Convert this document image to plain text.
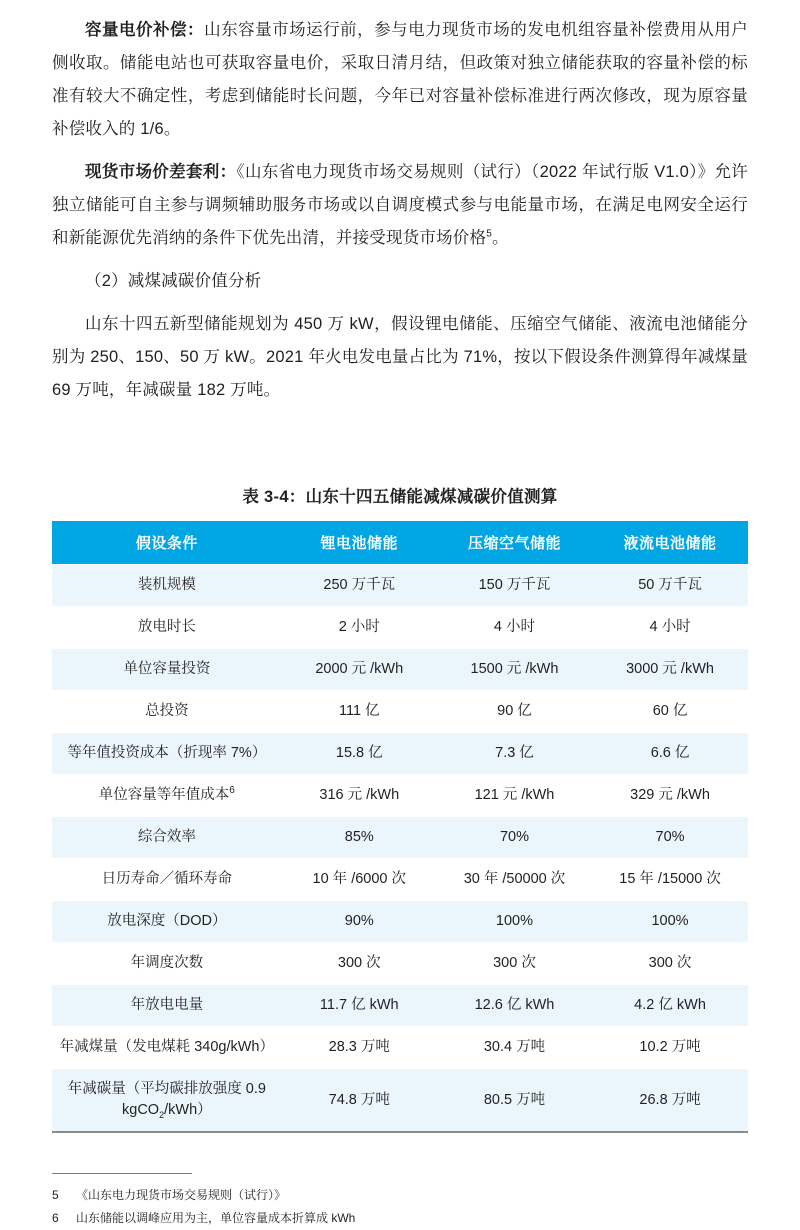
容量电价补偿：山东容量市场运行前，参与电力现货市场的发电机组容量补偿费用从用户侧收取。储能电站也可获取容量电价，采取日清月结，但政策对独立储能获取的容量补偿的标准有较大不确定性，考虑到储能时长问题，今年已对容量补偿标准进行两次修改，现为原容量补偿收入的 1/6。

现货市场价差套利：《山东省电力现货市场交易规则（试行）（2022 年试行版 V1.0）》允许独立储能可自主参与调频辅助服务市场或以自调度模式参与电能量市场，在满足电网安全运行和新能源优先消纳的条件下优先出清，并接受现货市场价格$^5$。

（2）减煤减碳价值分析

山东十四五新型储能规划为 450 万 kW，假设锂电储能、压缩空气储能、液流电池储能分别为 250、150、50 万 kW。2021 年火电发电量占比为 71%，按以下假设条件测算得年减煤量 69 万吨，年减碳量 182 万吨。

表 3-4：山东十四五储能减煤减碳价值测算
假设条件	锂电池储能	压缩空气储能	液流电池储能
装机规模	250 万千瓦	150 万千瓦	50 万千瓦
放电时长	2 小时	4 小时	4 小时
单位容量投资	2000 元 /kWh	1500 元 /kWh	3000 元 /kWh
总投资	111 亿	90 亿	60 亿
等年值投资成本（折现率 7%）	15.8 亿	7.3 亿	6.6 亿
单位容量等年值成本$^6$	316 元 /kWh	121 元 /kWh	329 元 /kWh
综合效率	85%	70%	70%
日历寿命／循环寿命	10 年 /6000 次	30 年 /50000 次	15 年 /15000 次
放电深度（DOD）	90%	100%	100%
年调度次数	300 次	300 次	300 次
年放电电量	11.7 亿 kWh	12.6 亿 kWh	4.2 亿 kWh
年减煤量（发电煤耗 340g/kWh）	28.3 万吨	30.4 万吨	10.2 万吨
年减碳量（平均碳排放强度 0.9 kgCO$_2$/kWh）	74.8 万吨	80.5 万吨	26.8 万吨
5 《山东电力现货市场交易规则（试行）》
6 山东储能以调峰应用为主，单位容量成本折算成 kWh
